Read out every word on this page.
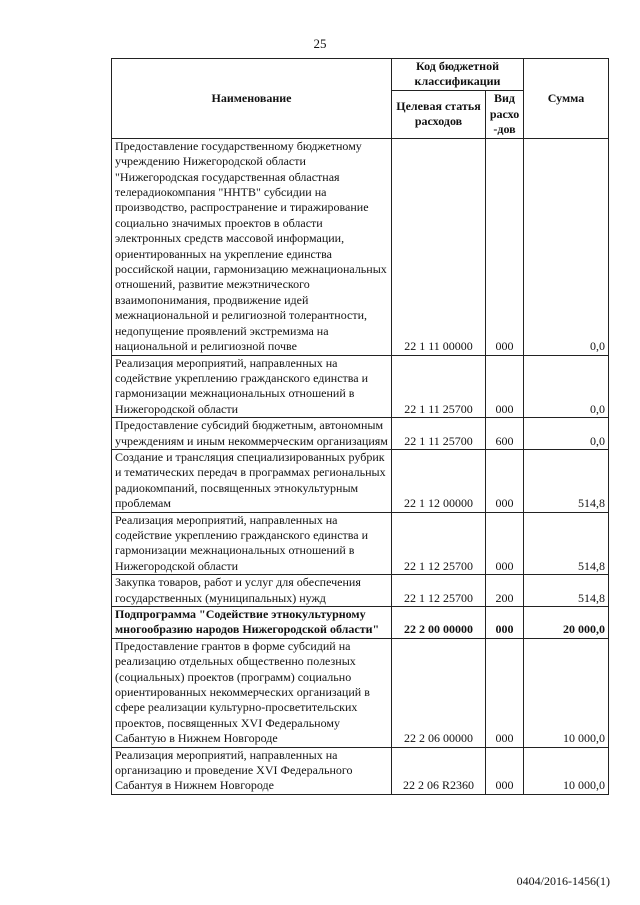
25
Наименование	Код бюджетной классификации		Сумма
	Целевая статья расходов	Вид расхо -дов	
Предоставление государственному бюджетному учреждению Нижегородской области "Нижегородская государственная областная телерадиокомпания "ННТВ" субсидии на производство, распространение и тиражирование социально значимых проектов в области электронных средств массовой информации, ориентированных на укрепление единства российской нации, гармонизацию межнациональных отношений, развитие межэтнического взаимопонимания, продвижение идей межнациональной и религиозной толерантности, недопущение проявлений экстремизма на национальной и религиозной почве	22 1 11 00000	000	0,0
Реализация мероприятий, направленных на содействие укреплению гражданского единства и гармонизации межнациональных отношений в Нижегородской области	22 1 11 25700	000	0,0
Предоставление субсидий бюджетным, автономным учреждениям и иным некоммерческим организациям	22 1 11 25700	600	0,0
Создание и трансляция специализированных рубрик и тематических передач в программах региональных радиокомпаний, посвященных этнокультурным проблемам	22 1 12 00000	000	514,8
Реализация мероприятий, направленных на содействие укреплению гражданского единства и гармонизации межнациональных отношений в Нижегородской области	22 1 12 25700	000	514,8
Закупка товаров, работ и услуг для обеспечения государственных (муниципальных) нужд	22 1 12 25700	200	514,8
Подпрограмма "Содействие этнокультурному многообразию народов Нижегородской области"	22 2 00 00000	000	20 000,0
Предоставление грантов в форме субсидий на реализацию отдельных общественно полезных (социальных) проектов (программ) социально ориентированных некоммерческих организаций в сфере реализации культурно-просветительских проектов, посвященных XVI Федеральному Сабантую в Нижнем Новгороде	22 2 06 00000	000	10 000,0
Реализация мероприятий, направленных на организацию и проведение XVI Федерального Сабантуя в Нижнем Новгороде	22 2 06 R2360	000	10 000,0
0404/2016-1456(1)
